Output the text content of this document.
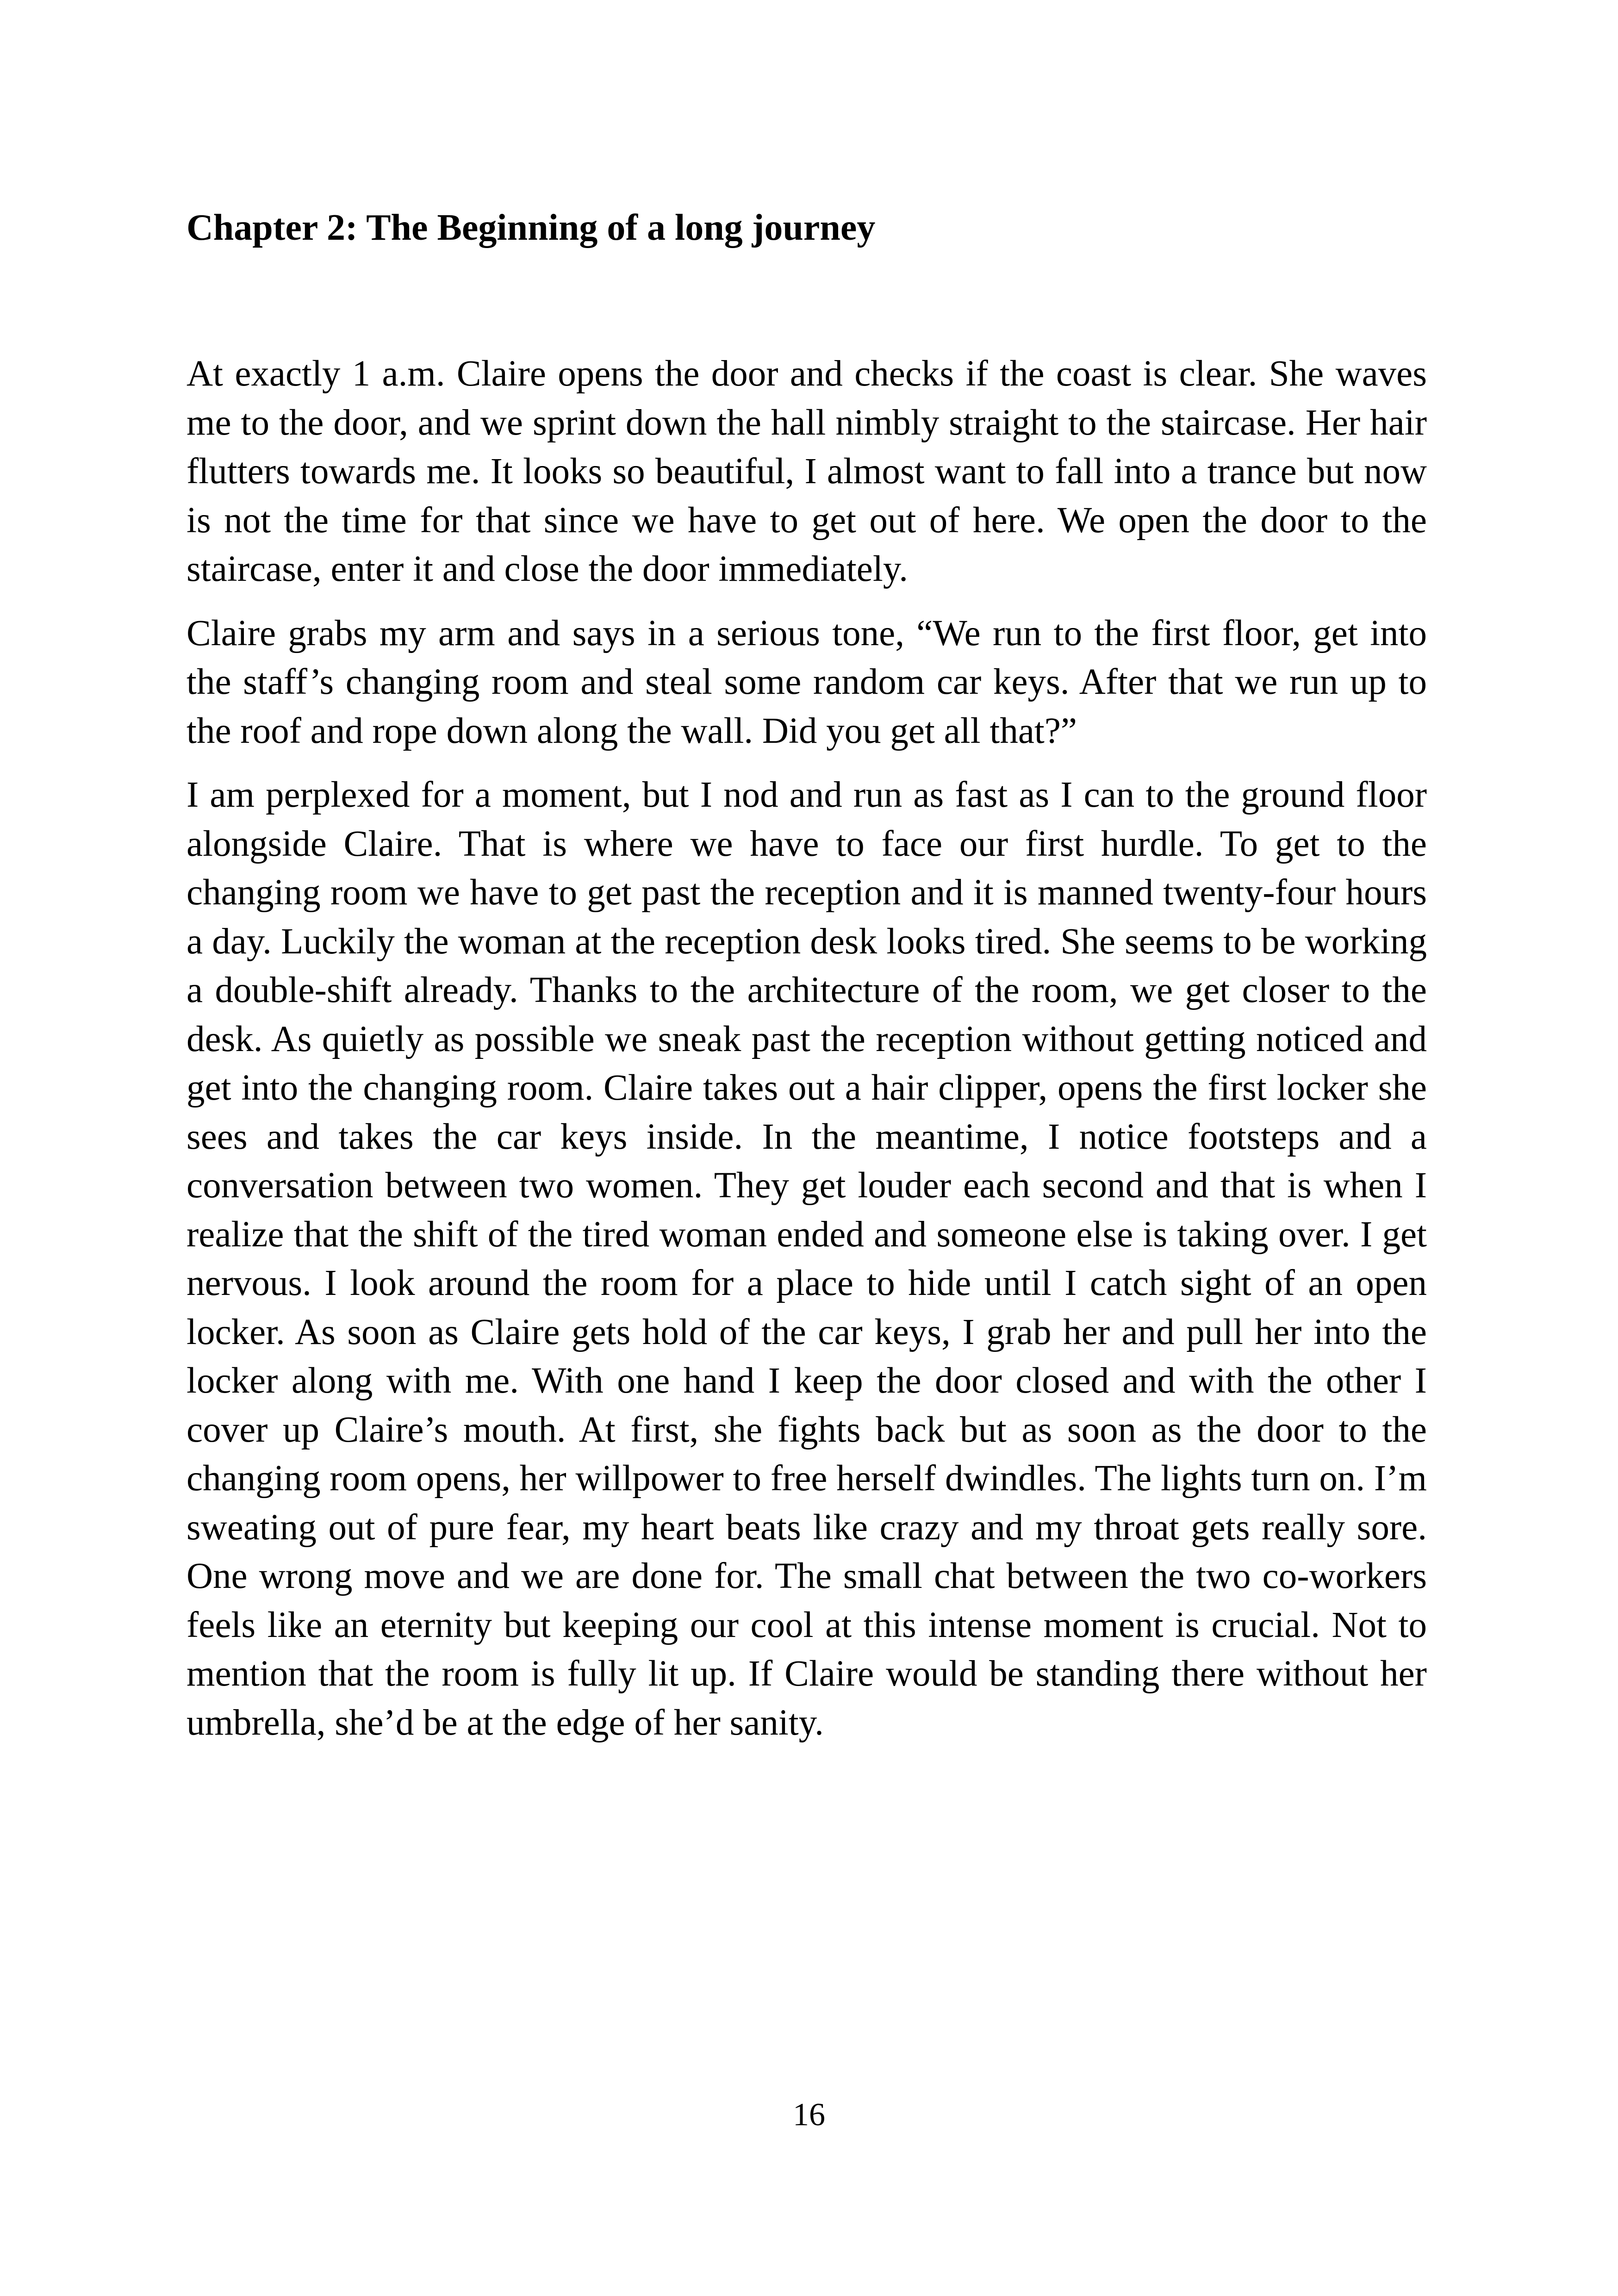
Chapter 2: The Beginning of a long journey

At exactly 1 a.m. Claire opens the door and checks if the coast is clear. She waves me to the door, and we sprint down the hall nimbly straight to the staircase. Her hair flutters towards me. It looks so beautiful, I almost want to fall into a trance but now is not the time for that since we have to get out of here. We open the door to the staircase, enter it and close the door immediately.

Claire grabs my arm and says in a serious tone, “We run to the first floor, get into the staff’s changing room and steal some random car keys. After that we run up to the roof and rope down along the wall. Did you get all that?”

I am perplexed for a moment, but I nod and run as fast as I can to the ground floor alongside Claire. That is where we have to face our first hurdle. To get to the changing room we have to get past the reception and it is manned twenty-four hours a day. Luckily the woman at the reception desk looks tired. She seems to be working a double-shift already. Thanks to the architecture of the room, we get closer to the desk. As quietly as possible we sneak past the reception without getting noticed and get into the changing room. Claire takes out a hair clipper, opens the first locker she sees and takes the car keys inside. In the meantime, I notice footsteps and a conversation between two women. They get louder each second and that is when I realize that the shift of the tired woman ended and someone else is taking over. I get nervous. I look around the room for a place to hide until I catch sight of an open locker. As soon as Claire gets hold of the car keys, I grab her and pull her into the locker along with me. With one hand I keep the door closed and with the other I cover up Claire’s mouth. At first, she fights back but as soon as the door to the changing room opens, her willpower to free herself dwindles. The lights turn on. I’m sweating out of pure fear, my heart beats like crazy and my throat gets really sore. One wrong move and we are done for. The small chat between the two co-workers feels like an eternity but keeping our cool at this intense moment is crucial. Not to mention that the room is fully lit up. If Claire would be standing there without her umbrella, she’d be at the edge of her sanity.

16
